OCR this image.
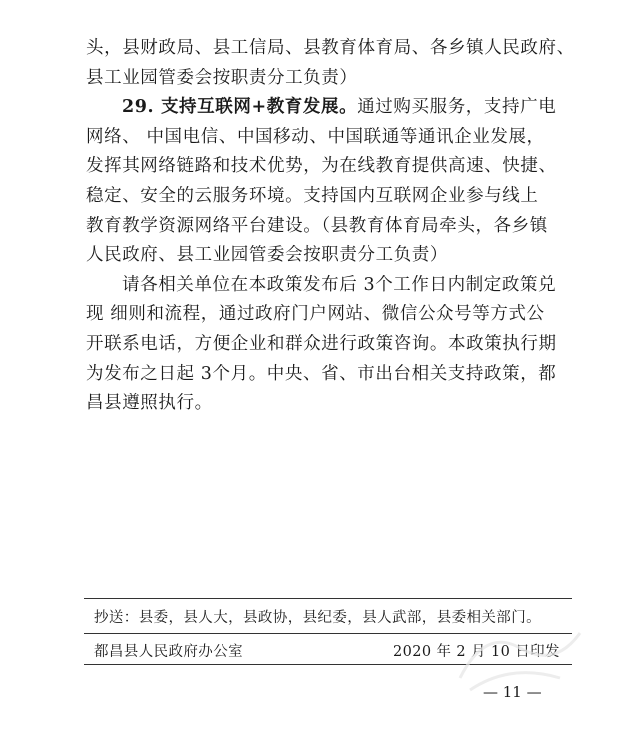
头，县财政局、县工信局、县教育体育局、各乡镇人民政府、
县工业园管委会按职责分工负责）
29. 支持互联网+教育发展。通过购买服务，支持广电
网络、 中国电信、中国移动、中国联通等通讯企业发展，
发挥其网络链路和技术优势，为在线教育提供高速、快捷、
稳定、安全的云服务环境。支持国内互联网企业参与线上
教育教学资源网络平台建设。（县教育体育局牵头，各乡镇
人民政府、县工业园管委会按职责分工负责）
请各相关单位在本政策发布后 3个工作日内制定政策兑
现 细则和流程，通过政府门户网站、微信公众号等方式公
开联系电话，方便企业和群众进行政策咨询。本政策执行期
为发布之日起 3个月。中央、省、市出台相关支持政策，都
昌县遵照执行。
抄送：县委，县人大，县政协，县纪委，县人武部，县委相关部门。
都昌县人民政府办公室	2020 年 2 月 10 日印发
— 11 —
